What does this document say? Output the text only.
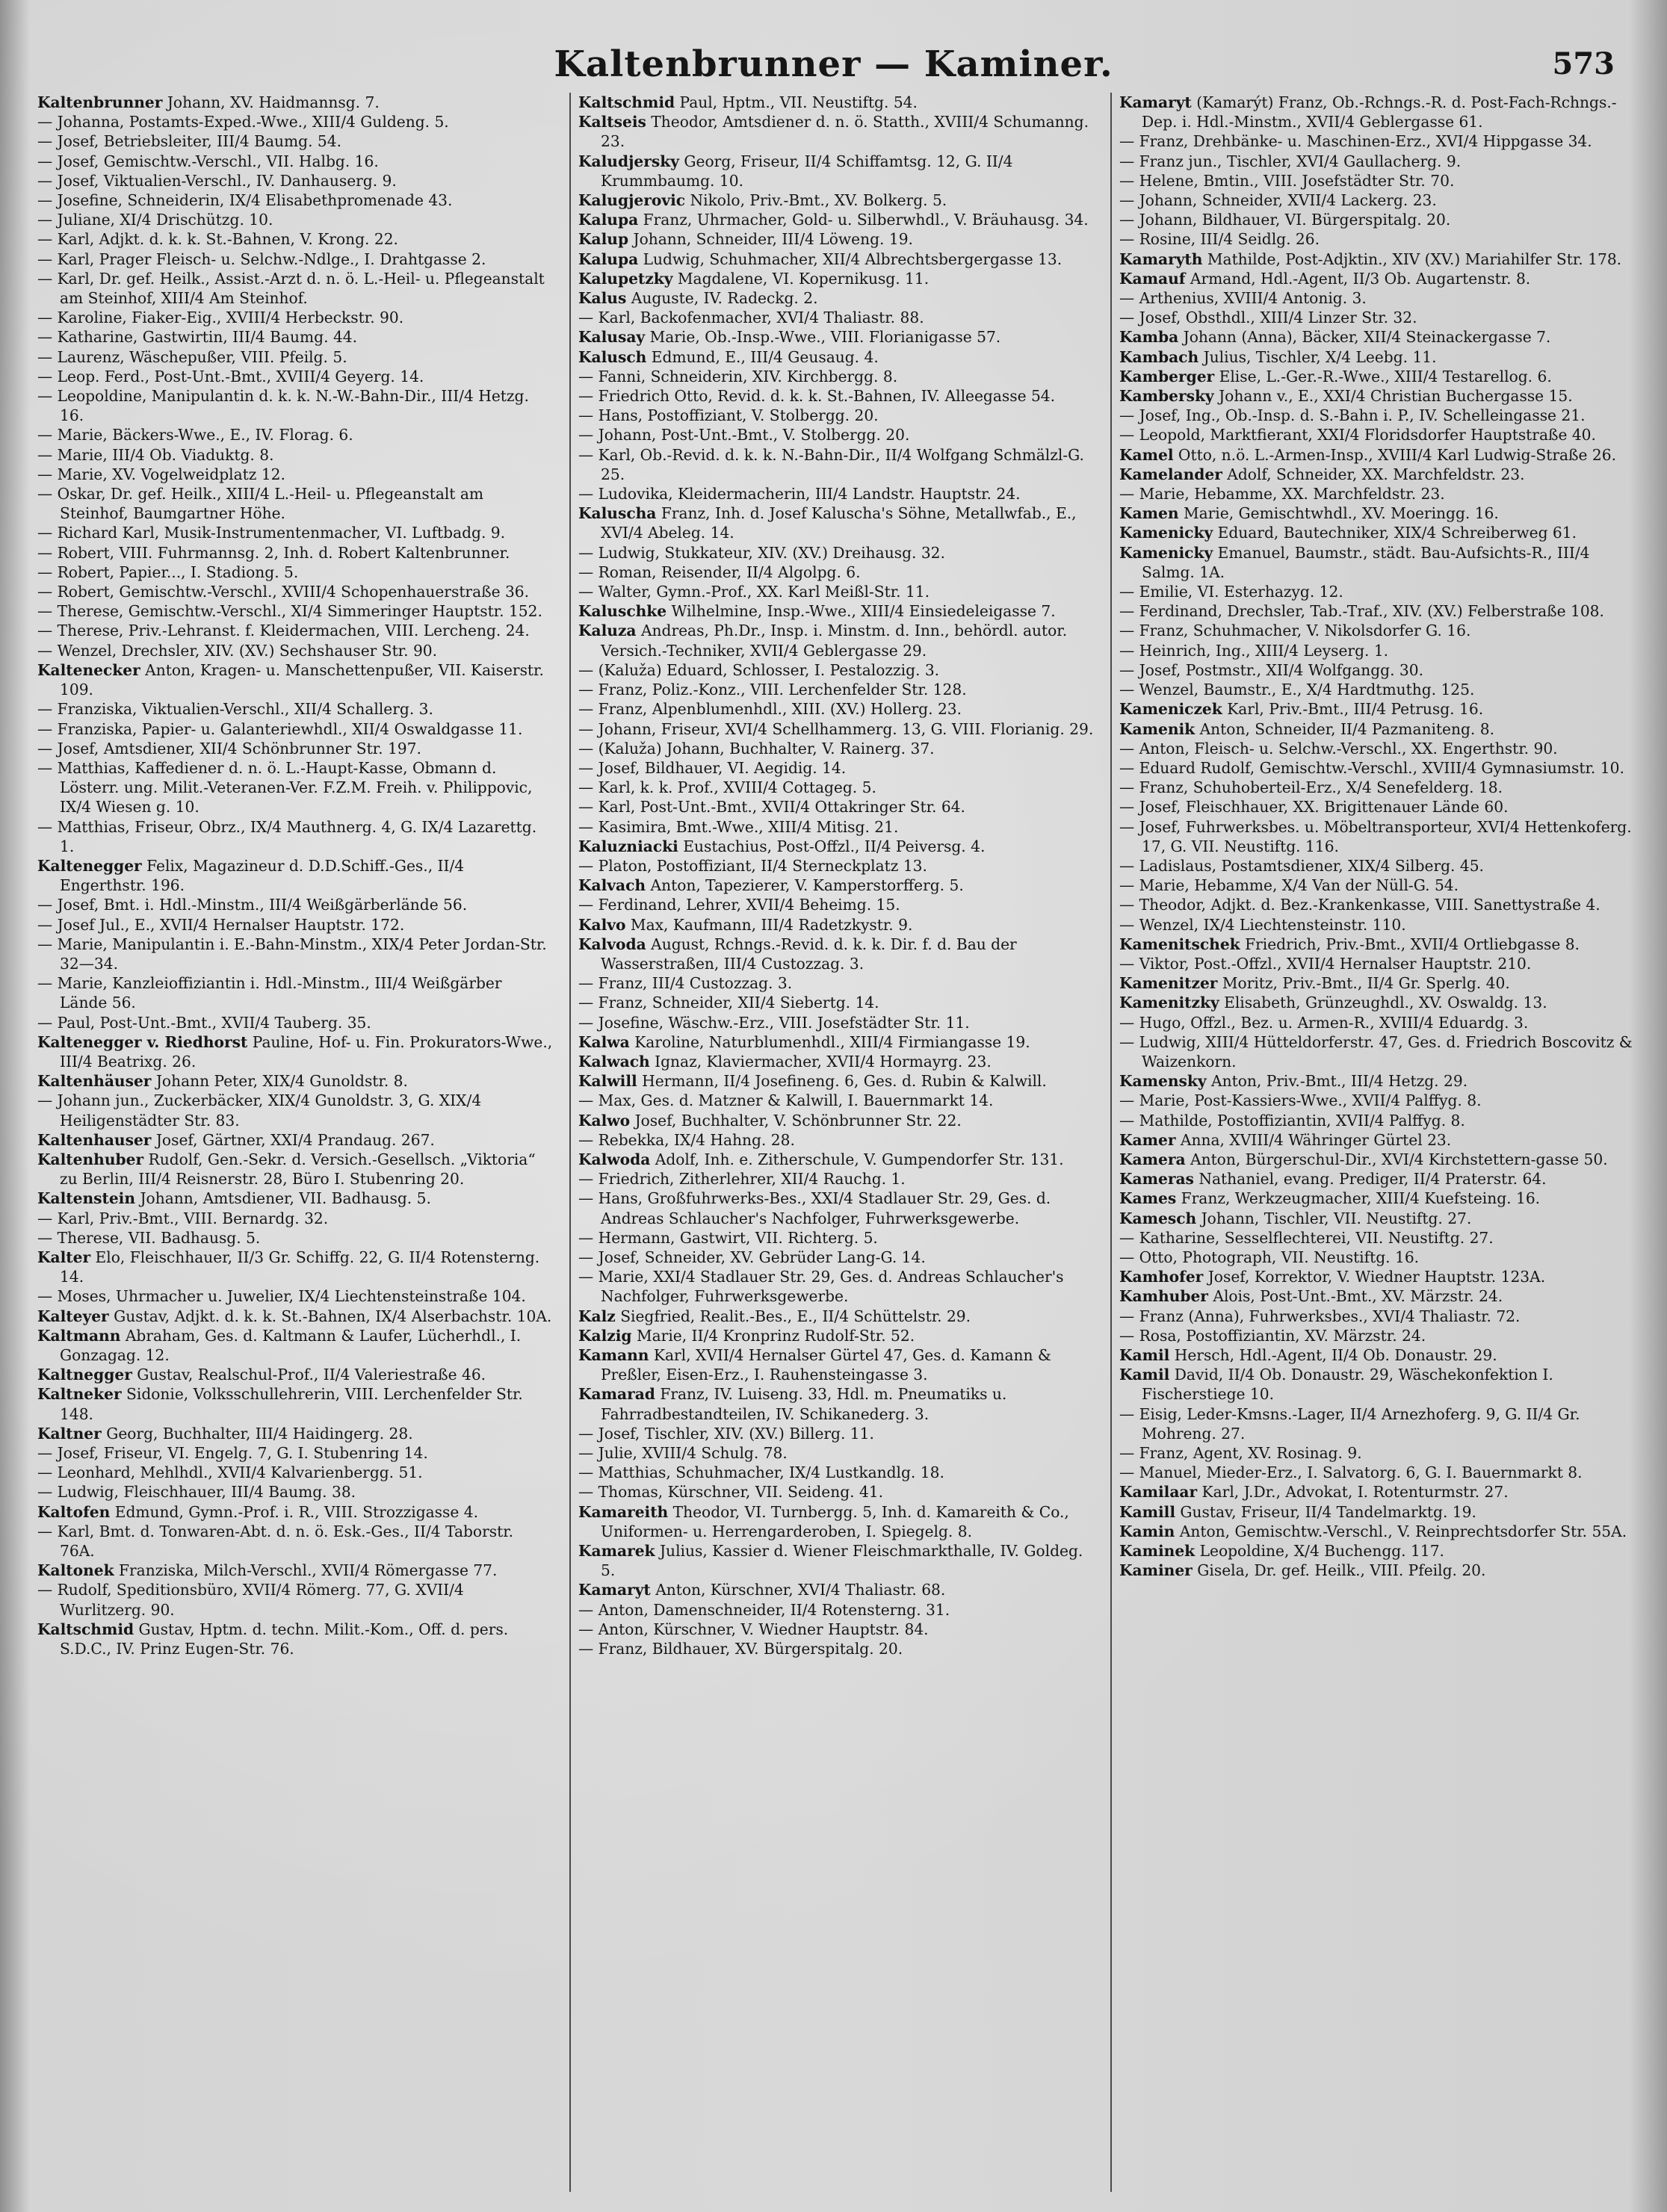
Kaltenbrunner — Kaminer.	573

Kaltenbrunner Johann, XV. Haidmannsg. 7.

— Johanna, Postamts-Exped.-Wwe., XIII/4 Guldeng. 5.

— Josef, Betriebsleiter, III/4 Baumg. 54.

— Josef, Gemischtw.-Verschl., VII. Halbg. 16.

— Josef, Viktualien-Verschl., IV. Danhauserg. 9.

— Josefine, Schneiderin, IX/4 Elisabethpromenade 43.

— Juliane, XI/4 Drischützg. 10.

— Karl, Adjkt. d. k. k. St.-Bahnen, V. Krong. 22.

— Karl, Prager Fleisch- u. Selchw.-Ndlge., I. Drahtgasse 2.

— Karl, Dr. gef. Heilk., Assist.-Arzt d. n. ö. L.-Heil- u. Pflegeanstalt am Steinhof, XIII/4 Am Steinhof.

— Karoline, Fiaker-Eig., XVIII/4 Herbeckstr. 90.

— Katharine, Gastwirtin, III/4 Baumg. 44.

— Laurenz, Wäschepußer, VIII. Pfeilg. 5.

— Leop. Ferd., Post-Unt.-Bmt., XVIII/4 Geyerg. 14.

— Leopoldine, Manipulantin d. k. k. N.-W.-Bahn-Dir., III/4 Hetzg. 16.

— Marie, Bäckers-Wwe., E., IV. Florag. 6.

— Marie, III/4 Ob. Viaduktg. 8.

— Marie, XV. Vogelweidplatz 12.

— Oskar, Dr. gef. Heilk., XIII/4 L.-Heil- u. Pflegeanstalt am Steinhof, Baumgartner Höhe.

— Richard Karl, Musik-Instrumentenmacher, VI. Luftbadg. 9.

— Robert, VIII. Fuhrmannsg. 2, Inh. d. Robert Kaltenbrunner.

— Robert, Papier..., I. Stadiong. 5.

— Robert, Gemischtw.-Verschl., XVIII/4 Schopenhauerstraße 36.

— Therese, Gemischtw.-Verschl., XI/4 Simmeringer Hauptstr. 152.

— Therese, Priv.-Lehranst. f. Kleidermachen, VIII. Lercheng. 24.

— Wenzel, Drechsler, XIV. (XV.) Sechshauser Str. 90.

Kaltenecker Anton, Kragen- u. Manschettenpußer, VII. Kaiserstr. 109.

— Franziska, Viktualien-Verschl., XII/4 Schallerg. 3.

— Franziska, Papier- u. Galanteriewhdl., XII/4 Oswaldgasse 11.

— Josef, Amtsdiener, XII/4 Schönbrunner Str. 197.

— Matthias, Kaffediener d. n. ö. L.-Haupt-Kasse, Obmann d. Lösterr. ung. Milit.-Veteranen-Ver. F.Z.M. Freih. v. Philippovic, IX/4 Wiesen g. 10.

— Matthias, Friseur, Obrz., IX/4 Mauthnerg. 4, G. IX/4 Lazarettg. 1.

Kaltenegger Felix, Magazineur d. D.D.Schiff.-Ges., II/4 Engerthstr. 196.

— Josef, Bmt. i. Hdl.-Minstm., III/4 Weißgärberlände 56.

— Josef Jul., E., XVII/4 Hernalser Hauptstr. 172.

— Marie, Manipulantin i. E.-Bahn-Minstm., XIX/4 Peter Jordan-Str. 32—34.

— Marie, Kanzleioffiziantin i. Hdl.-Minstm., III/4 Weißgärber Lände 56.

— Paul, Post-Unt.-Bmt., XVII/4 Tauberg. 35.

Kaltenegger v. Riedhorst Pauline, Hof- u. Fin. Prokurators-Wwe., III/4 Beatrixg. 26.

Kaltenhäuser Johann Peter, XIX/4 Gunoldstr. 8.

— Johann jun., Zuckerbäcker, XIX/4 Gunoldstr. 3, G. XIX/4 Heiligenstädter Str. 83.

Kaltenhauser Josef, Gärtner, XXI/4 Prandaug. 267.

Kaltenhuber Rudolf, Gen.-Sekr. d. Versich.-Gesellsch. „Viktoria“ zu Berlin, III/4 Reisnerstr. 28, Büro I. Stubenring 20.

Kaltenstein Johann, Amtsdiener, VII. Badhausg. 5.

— Karl, Priv.-Bmt., VIII. Bernardg. 32.

— Therese, VII. Badhausg. 5.

Kalter Elo, Fleischhauer, II/3 Gr. Schiffg. 22, G. II/4 Rotensterng. 14.

— Moses, Uhrmacher u. Juwelier, IX/4 Liechtensteinstraße 104.

Kalteyer Gustav, Adjkt. d. k. k. St.-Bahnen, IX/4 Alserbachstr. 10A.

Kaltmann Abraham, Ges. d. Kaltmann & Laufer, Lücherhdl., I. Gonzagag. 12.

Kaltnegger Gustav, Realschul-Prof., II/4 Valeriestraße 46.

Kaltneker Sidonie, Volksschullehrerin, VIII. Lerchenfelder Str. 148.

Kaltner Georg, Buchhalter, III/4 Haidingerg. 28.

— Josef, Friseur, VI. Engelg. 7, G. I. Stubenring 14.

— Leonhard, Mehlhdl., XVII/4 Kalvarienbergg. 51.

— Ludwig, Fleischhauer, III/4 Baumg. 38.

Kaltofen Edmund, Gymn.-Prof. i. R., VIII. Strozzigasse 4.

— Karl, Bmt. d. Tonwaren-Abt. d. n. ö. Esk.-Ges., II/4 Taborstr. 76A.

Kaltonek Franziska, Milch-Verschl., XVII/4 Römergasse 77.

— Rudolf, Speditionsbüro, XVII/4 Römerg. 77, G. XVII/4 Wurlitzerg. 90.

Kaltschmid Gustav, Hptm. d. techn. Milit.-Kom., Off. d. pers. S.D.C., IV. Prinz Eugen-Str. 76.

Kaltschmid Paul, Hptm., VII. Neustiftg. 54.

Kaltseis Theodor, Amtsdiener d. n. ö. Statth., XVIII/4 Schumanng. 23.

Kaludjersky Georg, Friseur, II/4 Schiffamtsg. 12, G. II/4 Krummbaumg. 10.

Kalugjerovic Nikolo, Priv.-Bmt., XV. Bolkerg. 5.

Kalupa Franz, Uhrmacher, Gold- u. Silberwhdl., V. Bräuhausg. 34.

Kalup Johann, Schneider, III/4 Löweng. 19.

Kalupa Ludwig, Schuhmacher, XII/4 Albrechtsbergergasse 13.

Kalupetzky Magdalene, VI. Kopernikusg. 11.

Kalus Auguste, IV. Radeckg. 2.

— Karl, Backofenmacher, XVI/4 Thaliastr. 88.

Kalusay Marie, Ob.-Insp.-Wwe., VIII. Florianigasse 57.

Kalusch Edmund, E., III/4 Geusaug. 4.

— Fanni, Schneiderin, XIV. Kirchbergg. 8.

— Friedrich Otto, Revid. d. k. k. St.-Bahnen, IV. Alleegasse 54.

— Hans, Postoffiziant, V. Stolbergg. 20.

— Johann, Post-Unt.-Bmt., V. Stolbergg. 20.

— Karl, Ob.-Revid. d. k. k. N.-Bahn-Dir., II/4 Wolfgang Schmälzl-G. 25.

— Ludovika, Kleidermacherin, III/4 Landstr. Hauptstr. 24.

Kaluscha Franz, Inh. d. Josef Kaluscha's Söhne, Metallwfab., E., XVI/4 Abeleg. 14.

— Ludwig, Stukkateur, XIV. (XV.) Dreihausg. 32.

— Roman, Reisender, II/4 Algolpg. 6.

— Walter, Gymn.-Prof., XX. Karl Meißl-Str. 11.

Kaluschke Wilhelmine, Insp.-Wwe., XIII/4 Einsiedeleigasse 7.

Kaluza Andreas, Ph.Dr., Insp. i. Minstm. d. Inn., behördl. autor. Versich.-Techniker, XVII/4 Geblergasse 29.

— (Kaluža) Eduard, Schlosser, I. Pestalozzig. 3.

— Franz, Poliz.-Konz., VIII. Lerchenfelder Str. 128.

— Franz, Alpenblumenhdl., XIII. (XV.) Hollerg. 23.

— Johann, Friseur, XVI/4 Schellhammerg. 13, G. VIII. Florianig. 29.

— (Kaluža) Johann, Buchhalter, V. Rainerg. 37.

— Josef, Bildhauer, VI. Aegidig. 14.

— Karl, k. k. Prof., XVIII/4 Cottageg. 5.

— Karl, Post-Unt.-Bmt., XVII/4 Ottakringer Str. 64.

— Kasimira, Bmt.-Wwe., XIII/4 Mitisg. 21.

Kaluzniacki Eustachius, Post-Offzl., II/4 Peiversg. 4.

— Platon, Postoffiziant, II/4 Sterneckplatz 13.

Kalvach Anton, Tapezierer, V. Kamperstorfferg. 5.

— Ferdinand, Lehrer, XVII/4 Beheimg. 15.

Kalvo Max, Kaufmann, III/4 Radetzkystr. 9.

Kalvoda August, Rchngs.-Revid. d. k. k. Dir. f. d. Bau der Wasserstraßen, III/4 Custozzag. 3.

— Franz, III/4 Custozzag. 3.

— Franz, Schneider, XII/4 Siebertg. 14.

— Josefine, Wäschw.-Erz., VIII. Josefstädter Str. 11.

Kalwa Karoline, Naturblumenhdl., XIII/4 Firmiangasse 19.

Kalwach Ignaz, Klaviermacher, XVII/4 Hormayrg. 23.

Kalwill Hermann, II/4 Josefineng. 6, Ges. d. Rubin & Kalwill.

— Max, Ges. d. Matzner & Kalwill, I. Bauernmarkt 14.

Kalwo Josef, Buchhalter, V. Schönbrunner Str. 22.

— Rebekka, IX/4 Hahng. 28.

Kalwoda Adolf, Inh. e. Zitherschule, V. Gumpendorfer Str. 131.

— Friedrich, Zitherlehrer, XII/4 Rauchg. 1.

— Hans, Großfuhrwerks-Bes., XXI/4 Stadlauer Str. 29, Ges. d. Andreas Schlaucher's Nachfolger, Fuhrwerksgewerbe.

— Hermann, Gastwirt, VII. Richterg. 5.

— Josef, Schneider, XV. Gebrüder Lang-G. 14.

— Marie, XXI/4 Stadlauer Str. 29, Ges. d. Andreas Schlaucher's Nachfolger, Fuhrwerksgewerbe.

Kalz Siegfried, Realit.-Bes., E., II/4 Schüttelstr. 29.

Kalzig Marie, II/4 Kronprinz Rudolf-Str. 52.

Kamann Karl, XVII/4 Hernalser Gürtel 47, Ges. d. Kamann & Preßler, Eisen-Erz., I. Rauhensteingasse 3.

Kamarad Franz, IV. Luiseng. 33, Hdl. m. Pneumatiks u. Fahrradbestandteilen, IV. Schikanederg. 3.

— Josef, Tischler, XIV. (XV.) Billerg. 11.

— Julie, XVIII/4 Schulg. 78.

— Matthias, Schuhmacher, IX/4 Lustkandlg. 18.

— Thomas, Kürschner, VII. Seideng. 41.

Kamareith Theodor, VI. Turnbergg. 5, Inh. d. Kamareith & Co., Uniformen- u. Herrengarderoben, I. Spiegelg. 8.

Kamarek Julius, Kassier d. Wiener Fleischmarkthalle, IV. Goldeg. 5.

Kamaryt Anton, Kürschner, XVI/4 Thaliastr. 68.

— Anton, Damenschneider, II/4 Rotensterng. 31.

— Anton, Kürschner, V. Wiedner Hauptstr. 84.

— Franz, Bildhauer, XV. Bürgerspitalg. 20.

Kamaryt (Kamarýt) Franz, Ob.-Rchngs.-R. d. Post-Fach-Rchngs.-Dep. i. Hdl.-Minstm., XVII/4 Geblergasse 61.

— Franz, Drehbänke- u. Maschinen-Erz., XVI/4 Hippgasse 34.

— Franz jun., Tischler, XVI/4 Gaullacherg. 9.

— Helene, Bmtin., VIII. Josefstädter Str. 70.

— Johann, Schneider, XVII/4 Lackerg. 23.

— Johann, Bildhauer, VI. Bürgerspitalg. 20.

— Rosine, III/4 Seidlg. 26.

Kamaryth Mathilde, Post-Adjktin., XIV (XV.) Mariahilfer Str. 178.

Kamauf Armand, Hdl.-Agent, II/3 Ob. Augartenstr. 8.

— Arthenius, XVIII/4 Antonig. 3.

— Josef, Obsthdl., XIII/4 Linzer Str. 32.

Kamba Johann (Anna), Bäcker, XII/4 Steinackergasse 7.

Kambach Julius, Tischler, X/4 Leebg. 11.

Kamberger Elise, L.-Ger.-R.-Wwe., XIII/4 Testarellog. 6.

Kambersky Johann v., E., XXI/4 Christian Buchergasse 15.

— Josef, Ing., Ob.-Insp. d. S.-Bahn i. P., IV. Schelleingasse 21.

— Leopold, Marktfierant, XXI/4 Floridsdorfer Hauptstraße 40.

Kamel Otto, n.ö. L.-Armen-Insp., XVIII/4 Karl Ludwig-Straße 26.

Kamelander Adolf, Schneider, XX. Marchfeldstr. 23.

— Marie, Hebamme, XX. Marchfeldstr. 23.

Kamen Marie, Gemischtwhdl., XV. Moeringg. 16.

Kamenicky Eduard, Bautechniker, XIX/4 Schreiberweg 61.

Kamenicky Emanuel, Baumstr., städt. Bau-Aufsichts-R., III/4 Salmg. 1A.

— Emilie, VI. Esterhazyg. 12.

— Ferdinand, Drechsler, Tab.-Traf., XIV. (XV.) Felberstraße 108.

— Franz, Schuhmacher, V. Nikolsdorfer G. 16.

— Heinrich, Ing., XIII/4 Leyserg. 1.

— Josef, Postmstr., XII/4 Wolfgangg. 30.

— Wenzel, Baumstr., E., X/4 Hardtmuthg. 125.

Kameniczek Karl, Priv.-Bmt., III/4 Petrusg. 16.

Kamenik Anton, Schneider, II/4 Pazmaniteng. 8.

— Anton, Fleisch- u. Selchw.-Verschl., XX. Engerthstr. 90.

— Eduard Rudolf, Gemischtw.-Verschl., XVIII/4 Gymnasiumstr. 10.

— Franz, Schuhoberteil-Erz., X/4 Senefelderg. 18.

— Josef, Fleischhauer, XX. Brigittenauer Lände 60.

— Josef, Fuhrwerksbes. u. Möbeltransporteur, XVI/4 Hettenkoferg. 17, G. VII. Neustiftg. 116.

— Ladislaus, Postamtsdiener, XIX/4 Silberg. 45.

— Marie, Hebamme, X/4 Van der Nüll-G. 54.

— Theodor, Adjkt. d. Bez.-Krankenkasse, VIII. Sanettystraße 4.

— Wenzel, IX/4 Liechtensteinstr. 110.

Kamenitschek Friedrich, Priv.-Bmt., XVII/4 Ortliebgasse 8.

— Viktor, Post.-Offzl., XVII/4 Hernalser Hauptstr. 210.

Kamenitzer Moritz, Priv.-Bmt., II/4 Gr. Sperlg. 40.

Kamenitzky Elisabeth, Grünzeughdl., XV. Oswaldg. 13.

— Hugo, Offzl., Bez. u. Armen-R., XVIII/4 Eduardg. 3.

— Ludwig, XIII/4 Hütteldorferstr. 47, Ges. d. Friedrich Boscovitz & Waizenkorn.

Kamensky Anton, Priv.-Bmt., III/4 Hetzg. 29.

— Marie, Post-Kassiers-Wwe., XVII/4 Palffyg. 8.

— Mathilde, Postoffiziantin, XVII/4 Palffyg. 8.

Kamer Anna, XVIII/4 Währinger Gürtel 23.

Kamera Anton, Bürgerschul-Dir., XVI/4 Kirchstettern-gasse 50.

Kameras Nathaniel, evang. Prediger, II/4 Praterstr. 64.

Kames Franz, Werkzeugmacher, XIII/4 Kuefsteing. 16.

Kamesch Johann, Tischler, VII. Neustiftg. 27.

— Katharine, Sesselflechterei, VII. Neustiftg. 27.

— Otto, Photograph, VII. Neustiftg. 16.

Kamhofer Josef, Korrektor, V. Wiedner Hauptstr. 123A.

Kamhuber Alois, Post-Unt.-Bmt., XV. Märzstr. 24.

— Franz (Anna), Fuhrwerksbes., XVI/4 Thaliastr. 72.

— Rosa, Postoffiziantin, XV. Märzstr. 24.

Kamil Hersch, Hdl.-Agent, II/4 Ob. Donaustr. 29.

Kamil David, II/4 Ob. Donaustr. 29, Wäschekonfektion I. Fischerstiege 10.

— Eisig, Leder-Kmsns.-Lager, II/4 Arnezhoferg. 9, G. II/4 Gr. Mohreng. 27.

— Franz, Agent, XV. Rosinag. 9.

— Manuel, Mieder-Erz., I. Salvatorg. 6, G. I. Bauernmarkt 8.

Kamilaar Karl, J.Dr., Advokat, I. Rotenturmstr. 27.

Kamill Gustav, Friseur, II/4 Tandelmarktg. 19.

Kamin Anton, Gemischtw.-Verschl., V. Reinprechtsdorfer Str. 55A.

Kaminek Leopoldine, X/4 Buchengg. 117.

Kaminer Gisela, Dr. gef. Heilk., VIII. Pfeilg. 20.
